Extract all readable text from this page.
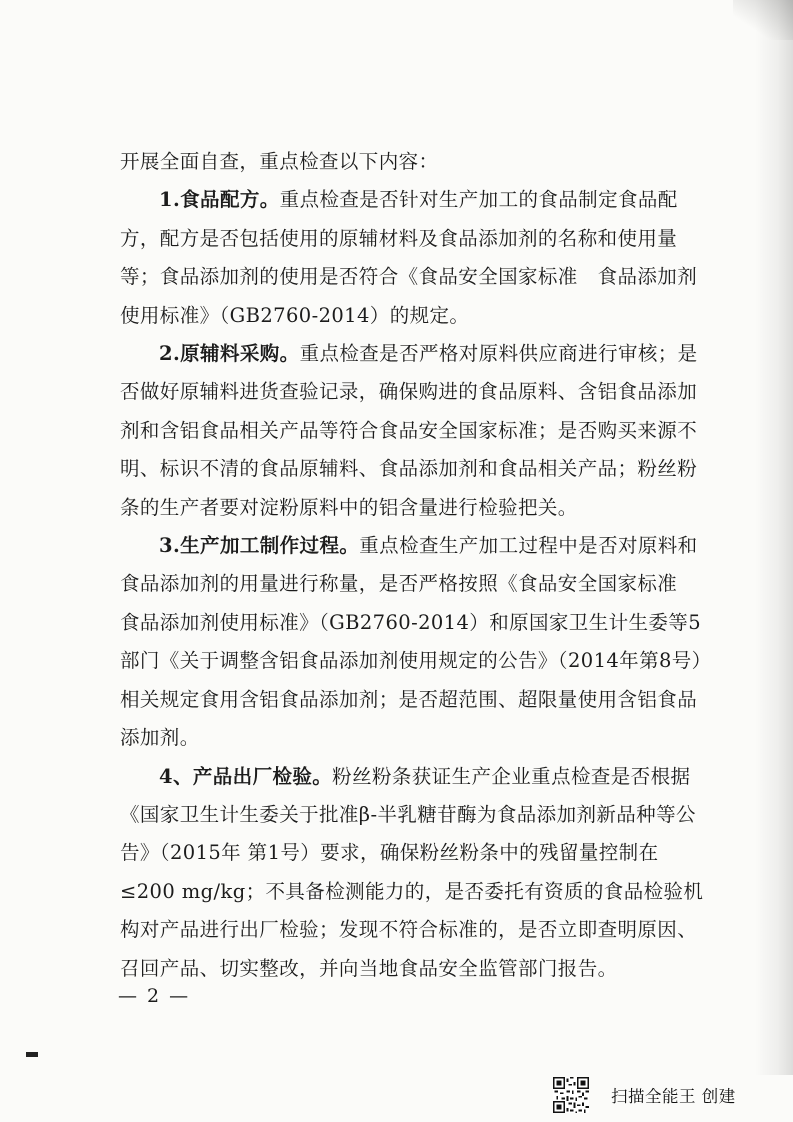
开展全面自查，重点检查以下内容：

1.食品配方。重点检查是否针对生产加工的食品制定食品配方，配方是否包括使用的原辅材料及食品添加剂的名称和使用量等；食品添加剂的使用是否符合《食品安全国家标准　食品添加剂使用标准》（GB2760-2014）的规定。

2.原辅料采购。重点检查是否严格对原料供应商进行审核；是否做好原辅料进货查验记录，确保购进的食品原料、含铝食品添加剂和含铝食品相关产品等符合食品安全国家标准；是否购买来源不明、标识不清的食品原辅料、食品添加剂和食品相关产品；粉丝粉条的生产者要对淀粉原料中的铝含量进行检验把关。

3.生产加工制作过程。重点检查生产加工过程中是否对原料和食品添加剂的用量进行称量，是否严格按照《食品安全国家标准　食品添加剂使用标准》（GB2760-2014）和原国家卫生计生委等5部门《关于调整含铝食品添加剂使用规定的公告》（2014年第8号）相关规定食用含铝食品添加剂；是否超范围、超限量使用含铝食品添加剂。

4、产品出厂检验。粉丝粉条获证生产企业重点检查是否根据《国家卫生计生委关于批准β-半乳糖苷酶为食品添加剂新品种等公告》（2015年 第1号）要求，确保粉丝粉条中的残留量控制在≤200 mg/kg；不具备检测能力的，是否委托有资质的食品检验机构对产品进行出厂检验；发现不符合标准的，是否立即查明原因、召回产品、切实整改，并向当地食品安全监管部门报告。

— 2 —
扫描全能王 创建
